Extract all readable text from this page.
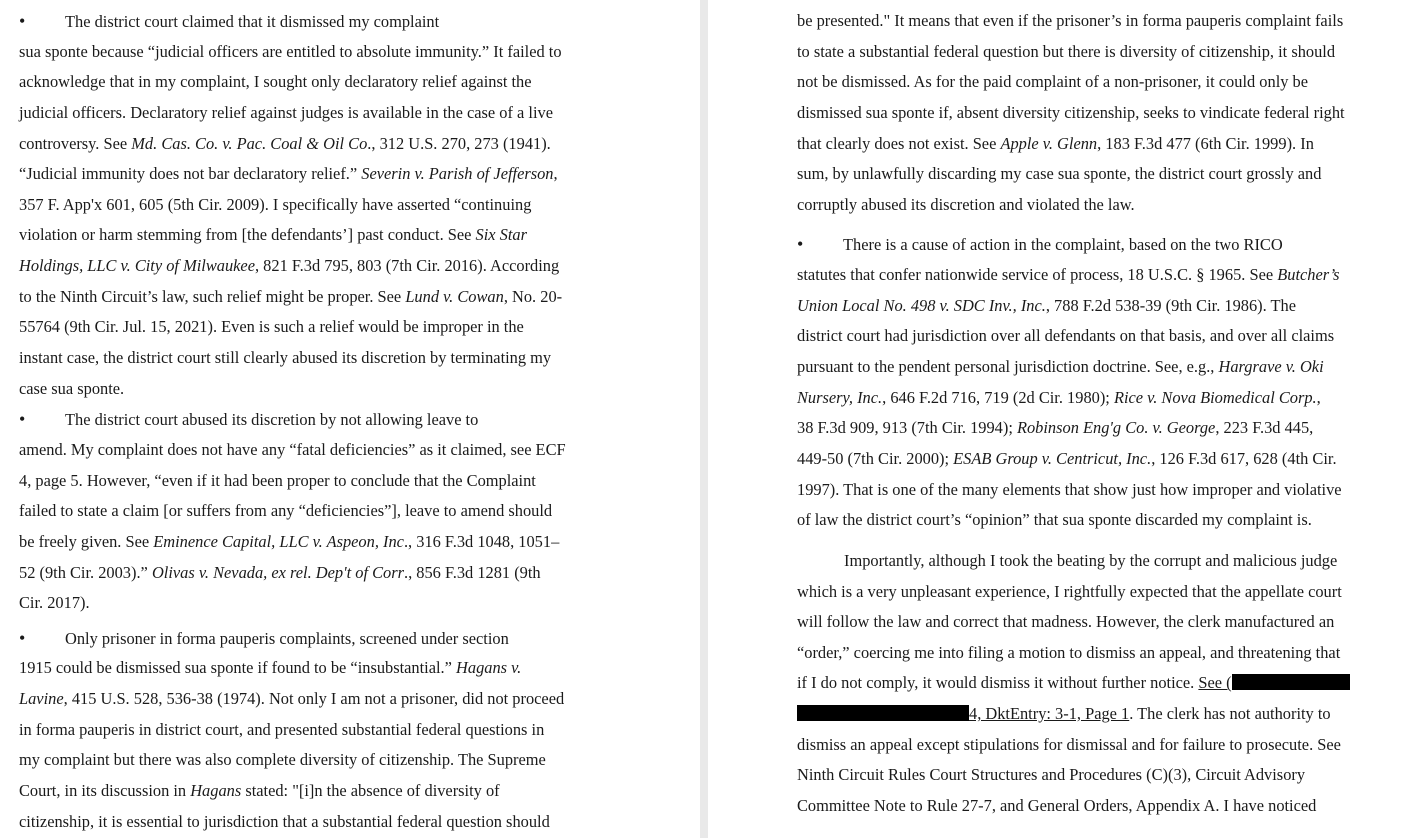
•The district court claimed that it dismissed my complaint
sua sponte because “judicial officers are entitled to absolute immunity.” It failed to
acknowledge that in my complaint, I sought only declaratory relief against the
judicial officers. Declaratory relief against judges is available in the case of a live
controversy. See Md. Cas. Co. v. Pac. Coal & Oil Co., 312 U.S. 270, 273 (1941).
“Judicial immunity does not bar declaratory relief.” Severin v. Parish of Jefferson,
357 F. App'x 601, 605 (5th Cir. 2009). I specifically have asserted “continuing
violation or harm stemming from [the defendants’] past conduct. See Six Star
Holdings, LLC v. City of Milwaukee, 821 F.3d 795, 803 (7th Cir. 2016). According
to the Ninth Circuit’s law, such relief might be proper. See Lund v. Cowan, No. 20-
55764 (9th Cir. Jul. 15, 2021). Even is such a relief would be improper in the
instant case, the district court still clearly abused its discretion by terminating my
case sua sponte.
•The district court abused its discretion by not allowing leave to
amend. My complaint does not have any “fatal deficiencies” as it claimed, see ECF
4, page 5. However, “even if it had been proper to conclude that the Complaint
failed to state a claim [or suffers from any “deficiencies”], leave to amend should
be freely given. See Eminence Capital, LLC v. Aspeon, Inc., 316 F.3d 1048, 1051–
52 (9th Cir. 2003).” Olivas v. Nevada, ex rel. Dep't of Corr., 856 F.3d 1281 (9th
Cir. 2017).
•Only prisoner in forma pauperis complaints, screened under section
1915 could be dismissed sua sponte if found to be “insubstantial.” Hagans v.
Lavine, 415 U.S. 528, 536-38 (1974). Not only I am not a prisoner, did not proceed
in forma pauperis in district court, and presented substantial federal questions in
my complaint but there was also complete diversity of citizenship. The Supreme
Court, in its discussion in Hagans stated: "[i]n the absence of diversity of
citizenship, it is essential to jurisdiction that a substantial federal question should
be presented." It means that even if the prisoner’s in forma pauperis complaint fails
to state a substantial federal question but there is diversity of citizenship, it should
not be dismissed. As for the paid complaint of a non-prisoner, it could only be
dismissed sua sponte if, absent diversity citizenship, seeks to vindicate federal right
that clearly does not exist. See Apple v. Glenn, 183 F.3d 477 (6th Cir. 1999). In
sum, by unlawfully discarding my case sua sponte, the district court grossly and
corruptly abused its discretion and violated the law.
•There is a cause of action in the complaint, based on the two RICO
statutes that confer nationwide service of process, 18 U.S.C. § 1965. See Butcher’s
Union Local No. 498 v. SDC Inv., Inc., 788 F.2d 538-39 (9th Cir. 1986). The
district court had jurisdiction over all defendants on that basis, and over all claims
pursuant to the pendent personal jurisdiction doctrine. See, e.g., Hargrave v. Oki
Nursery, Inc., 646 F.2d 716, 719 (2d Cir. 1980); Rice v. Nova Biomedical Corp.,
38 F.3d 909, 913 (7th Cir. 1994); Robinson Eng'g Co. v. George, 223 F.3d 445,
449-50 (7th Cir. 2000); ESAB Group v. Centricut, Inc., 126 F.3d 617, 628 (4th Cir.
1997). That is one of the many elements that show just how improper and violative
of law the district court’s “opinion” that sua sponte discarded my complaint is.
Importantly, although I took the beating by the corrupt and malicious judge
which is a very unpleasant experience, I rightfully expected that the appellate court
will follow the law and correct that madness. However, the clerk manufactured an
“order,” coercing me into filing a motion to dismiss an appeal, and threatening that
if I do not comply, it would dismiss it without further notice. See (
4, DktEntry: 3-1, Page 1. The clerk has not authority to
dismiss an appeal except stipulations for dismissal and for failure to prosecute. See
Ninth Circuit Rules Court Structures and Procedures (C)(3), Circuit Advisory
Committee Note to Rule 27-7, and General Orders, Appendix A. I have noticed
